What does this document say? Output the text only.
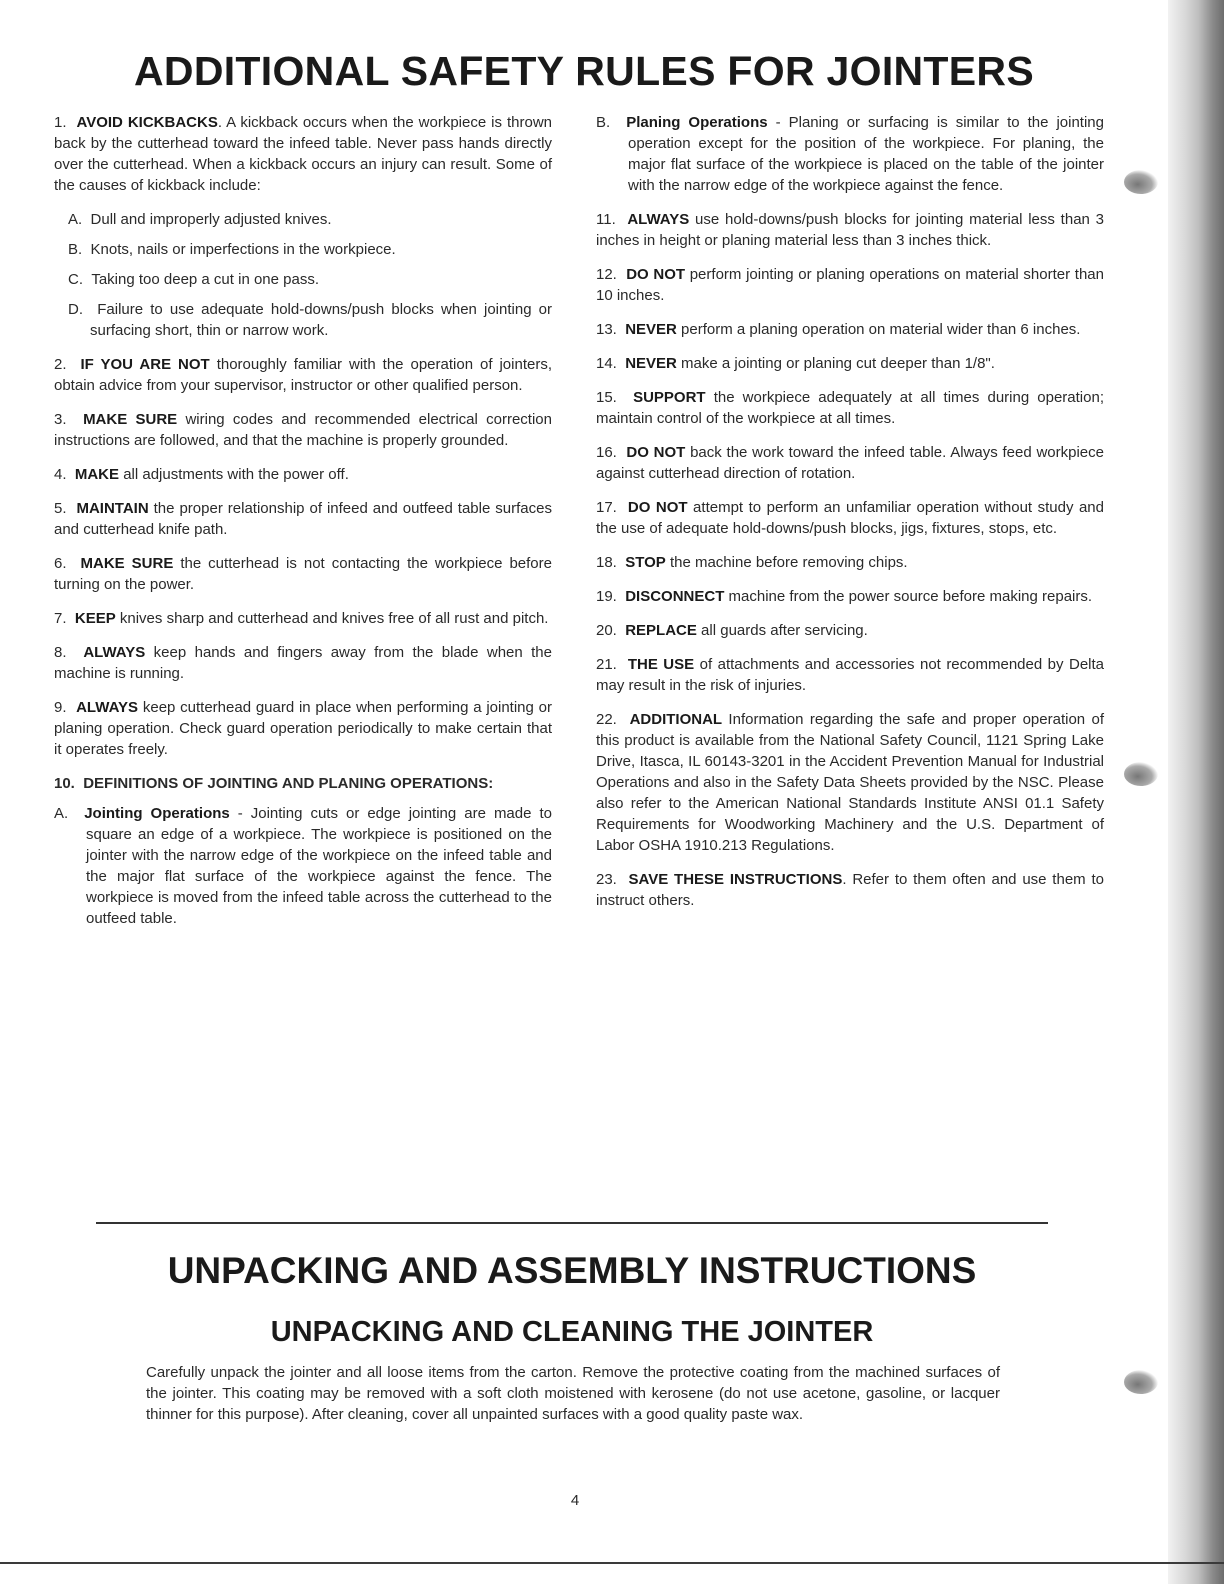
ADDITIONAL SAFETY RULES FOR JOINTERS

1. AVOID KICKBACKS. A kickback occurs when the workpiece is thrown back by the cutterhead toward the infeed table. Never pass hands directly over the cutterhead. When a kickback occurs an injury can result. Some of the causes of kickback include:

A. Dull and improperly adjusted knives.

B. Knots, nails or imperfections in the workpiece.

C. Taking too deep a cut in one pass.

D. Failure to use adequate hold-downs/push blocks when jointing or surfacing short, thin or narrow work.

2. IF YOU ARE NOT thoroughly familiar with the operation of jointers, obtain advice from your supervisor, instructor or other qualified person.

3. MAKE SURE wiring codes and recommended electrical correction instructions are followed, and that the machine is properly grounded.

4. MAKE all adjustments with the power off.

5. MAINTAIN the proper relationship of infeed and outfeed table surfaces and cutterhead knife path.

6. MAKE SURE the cutterhead is not contacting the workpiece before turning on the power.

7. KEEP knives sharp and cutterhead and knives free of all rust and pitch.

8. ALWAYS keep hands and fingers away from the blade when the machine is running.

9. ALWAYS keep cutterhead guard in place when performing a jointing or planing operation. Check guard operation periodically to make certain that it operates freely.

10. DEFINITIONS OF JOINTING AND PLANING OPERATIONS:

A. Jointing Operations - Jointing cuts or edge jointing are made to square an edge of a workpiece. The workpiece is positioned on the jointer with the narrow edge of the workpiece on the infeed table and the major flat surface of the workpiece against the fence. The workpiece is moved from the infeed table across the cutterhead to the outfeed table.

B. Planing Operations - Planing or surfacing is similar to the jointing operation except for the position of the workpiece. For planing, the major flat surface of the workpiece is placed on the table of the jointer with the narrow edge of the workpiece against the fence.

11. ALWAYS use hold-downs/push blocks for jointing material less than 3 inches in height or planing material less than 3 inches thick.

12. DO NOT perform jointing or planing operations on material shorter than 10 inches.

13. NEVER perform a planing operation on material wider than 6 inches.

14. NEVER make a jointing or planing cut deeper than 1/8".

15. SUPPORT the workpiece adequately at all times during operation; maintain control of the workpiece at all times.

16. DO NOT back the work toward the infeed table. Always feed workpiece against cutterhead direction of rotation.

17. DO NOT attempt to perform an unfamiliar operation without study and the use of adequate hold-downs/push blocks, jigs, fixtures, stops, etc.

18. STOP the machine before removing chips.

19. DISCONNECT machine from the power source before making repairs.

20. REPLACE all guards after servicing.

21. THE USE of attachments and accessories not recommended by Delta may result in the risk of injuries.

22. ADDITIONAL Information regarding the safe and proper operation of this product is available from the National Safety Council, 1121 Spring Lake Drive, Itasca, IL 60143-3201 in the Accident Prevention Manual for Industrial Operations and also in the Safety Data Sheets provided by the NSC. Please also refer to the American National Standards Institute ANSI 01.1 Safety Requirements for Woodworking Machinery and the U.S. Department of Labor OSHA 1910.213 Regulations.

23. SAVE THESE INSTRUCTIONS. Refer to them often and use them to instruct others.

UNPACKING AND ASSEMBLY INSTRUCTIONS
UNPACKING AND CLEANING THE JOINTER

Carefully unpack the jointer and all loose items from the carton. Remove the protective coating from the machined surfaces of the jointer. This coating may be removed with a soft cloth moistened with kerosene (do not use acetone, gasoline, or lacquer thinner for this purpose). After cleaning, cover all unpainted surfaces with a good quality paste wax.

4
